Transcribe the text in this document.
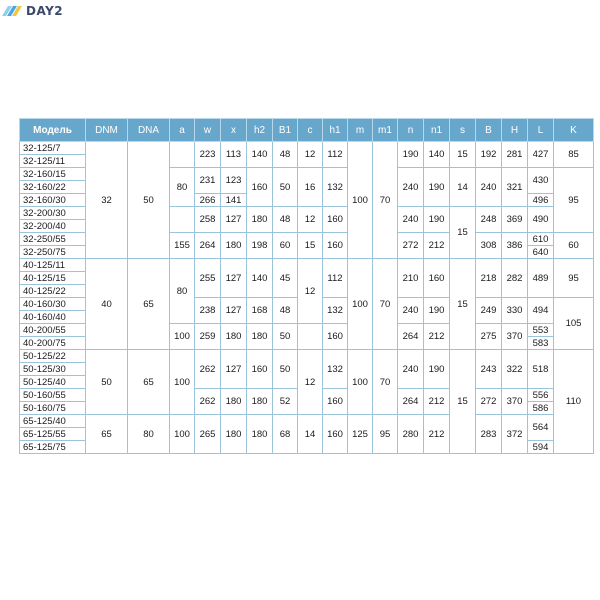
DAY2
Модель	DNM	DNA	a	w	x	h2	B1	c	h1	m	m1	n	n1	s	B	H	L	K
32-125/7	32	50		223	113	140	48	12	112	100	70	190	140	15	192	281	427	85
32-125/11																		
32-160/15			80	231	123	160	50	16	132			240	190	14	240	321	430	95
32-160/22																		
32-160/30				266	141												496	
32-200/30				258	127	180	48	12	160			240	190	15	248	369	490	
32-200/40																		
32-250/55			155	264	180	198	60	15	160			272	212		308	386	610	60
32-250/75																	640	
40-125/11	40	65	80	255	127	140	45	12	112	100	70	210	160	15	218	282	489	95
40-125/15																		
40-125/22																		
40-160/30				238	127	168	48		132			240	190		249	330	494	105
40-160/40																		
40-200/55			100	259	180	180	50		160			264	212		275	370	553	
40-200/75																	583	
50-125/22	50	65	100	262	127	160	50	12	132	100	70	240	190	15	243	322	518	110
50-125/30																		
50-125/40																		
50-160/55				262	180	180	52		160			264	212		272	370	556	
50-160/75																	586	
65-125/40	65	80	100	265	180	180	68	14	160	125	95	280	212		283	372	564	
65-125/55																		
65-125/75																	594	
